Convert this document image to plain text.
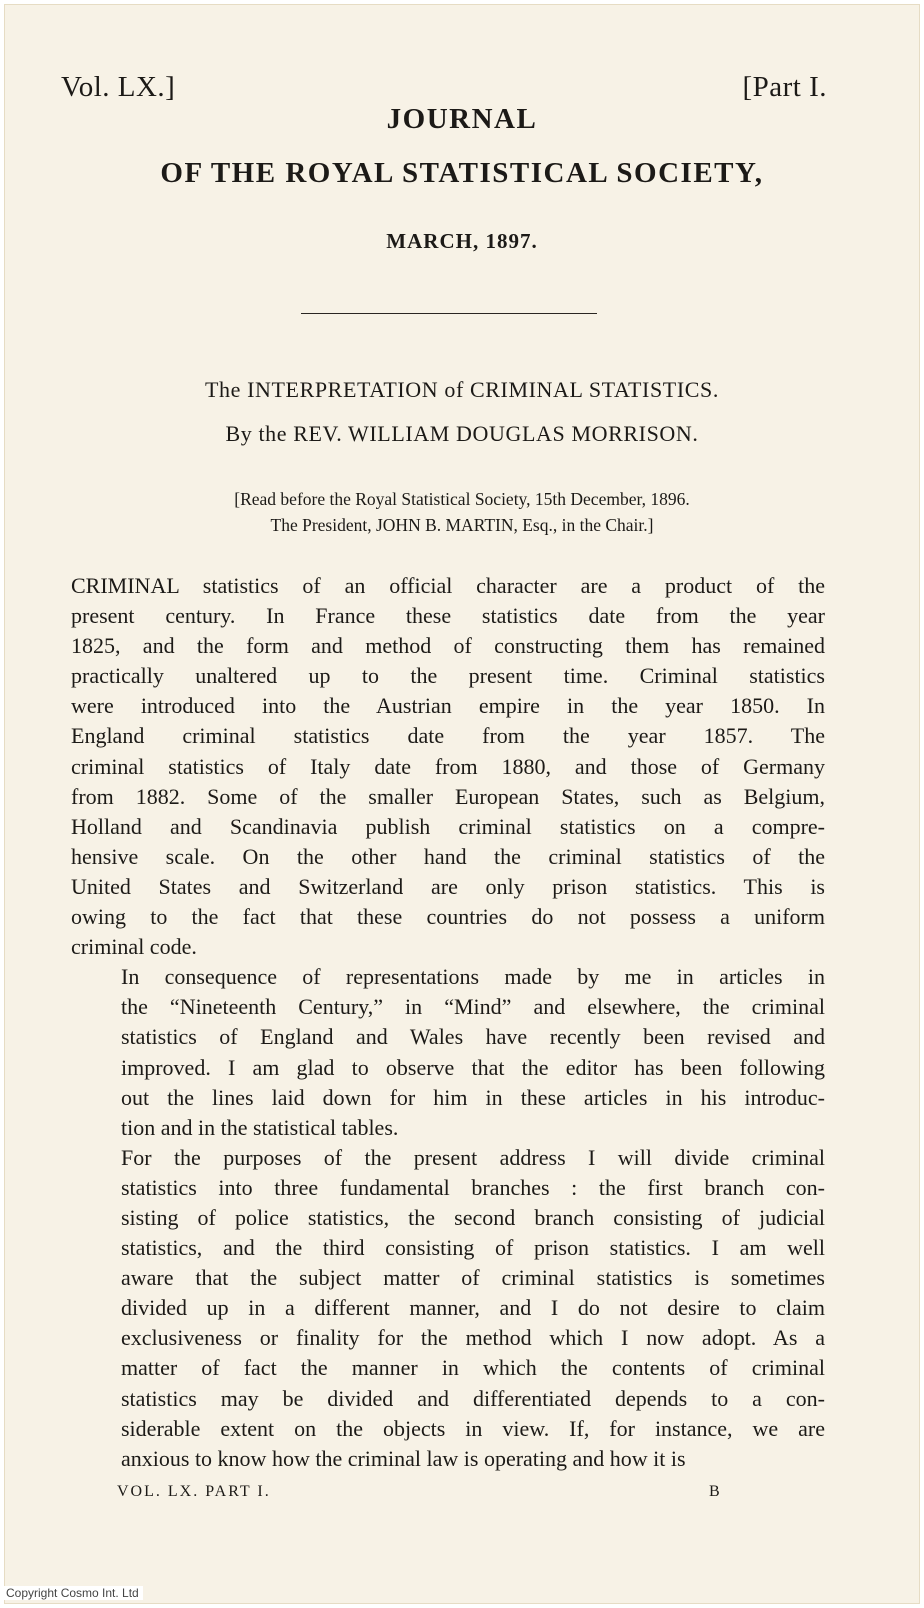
Vol. LX.]	[Part I.
JOURNAL
OF THE ROYAL STATISTICAL SOCIETY,
MARCH, 1897.
The INTERPRETATION of CRIMINAL STATISTICS.
By the REV. WILLIAM DOUGLAS MORRISON.
[Read before the Royal Statistical Society, 15th December, 1896.
The President, JOHN B. MARTIN, Esq., in the Chair.]

CRIMINAL statistics of an official character are a product of the
present century. In France these statistics date from the year
1825, and the form and method of constructing them has remained
practically unaltered up to the present time. Criminal statistics
were introduced into the Austrian empire in the year 1850. In
England criminal statistics date from the year 1857. The
criminal statistics of Italy date from 1880, and those of Germany
from 1882. Some of the smaller European States, such as Belgium,
Holland and Scandinavia publish criminal statistics on a compre-
hensive scale. On the other hand the criminal statistics of the
United States and Switzerland are only prison statistics. This is
owing to the fact that these countries do not possess a uniform
criminal code.

In consequence of representations made by me in articles in
the “Nineteenth Century,” in “Mind” and elsewhere, the criminal
statistics of England and Wales have recently been revised and
improved. I am glad to observe that the editor has been following
out the lines laid down for him in these articles in his introduc-
tion and in the statistical tables.

For the purposes of the present address I will divide criminal
statistics into three fundamental branches : the first branch con-
sisting of police statistics, the second branch consisting of judicial
statistics, and the third consisting of prison statistics. I am well
aware that the subject matter of criminal statistics is sometimes
divided up in a different manner, and I do not desire to claim
exclusiveness or finality for the method which I now adopt. As a
matter of fact the manner in which the contents of criminal
statistics may be divided and differentiated depends to a con-
siderable extent on the objects in view. If, for instance, we are
anxious to know how the criminal law is operating and how it is

VOL. LX. PART I.	B
Copyright Cosmo Int. Ltd
